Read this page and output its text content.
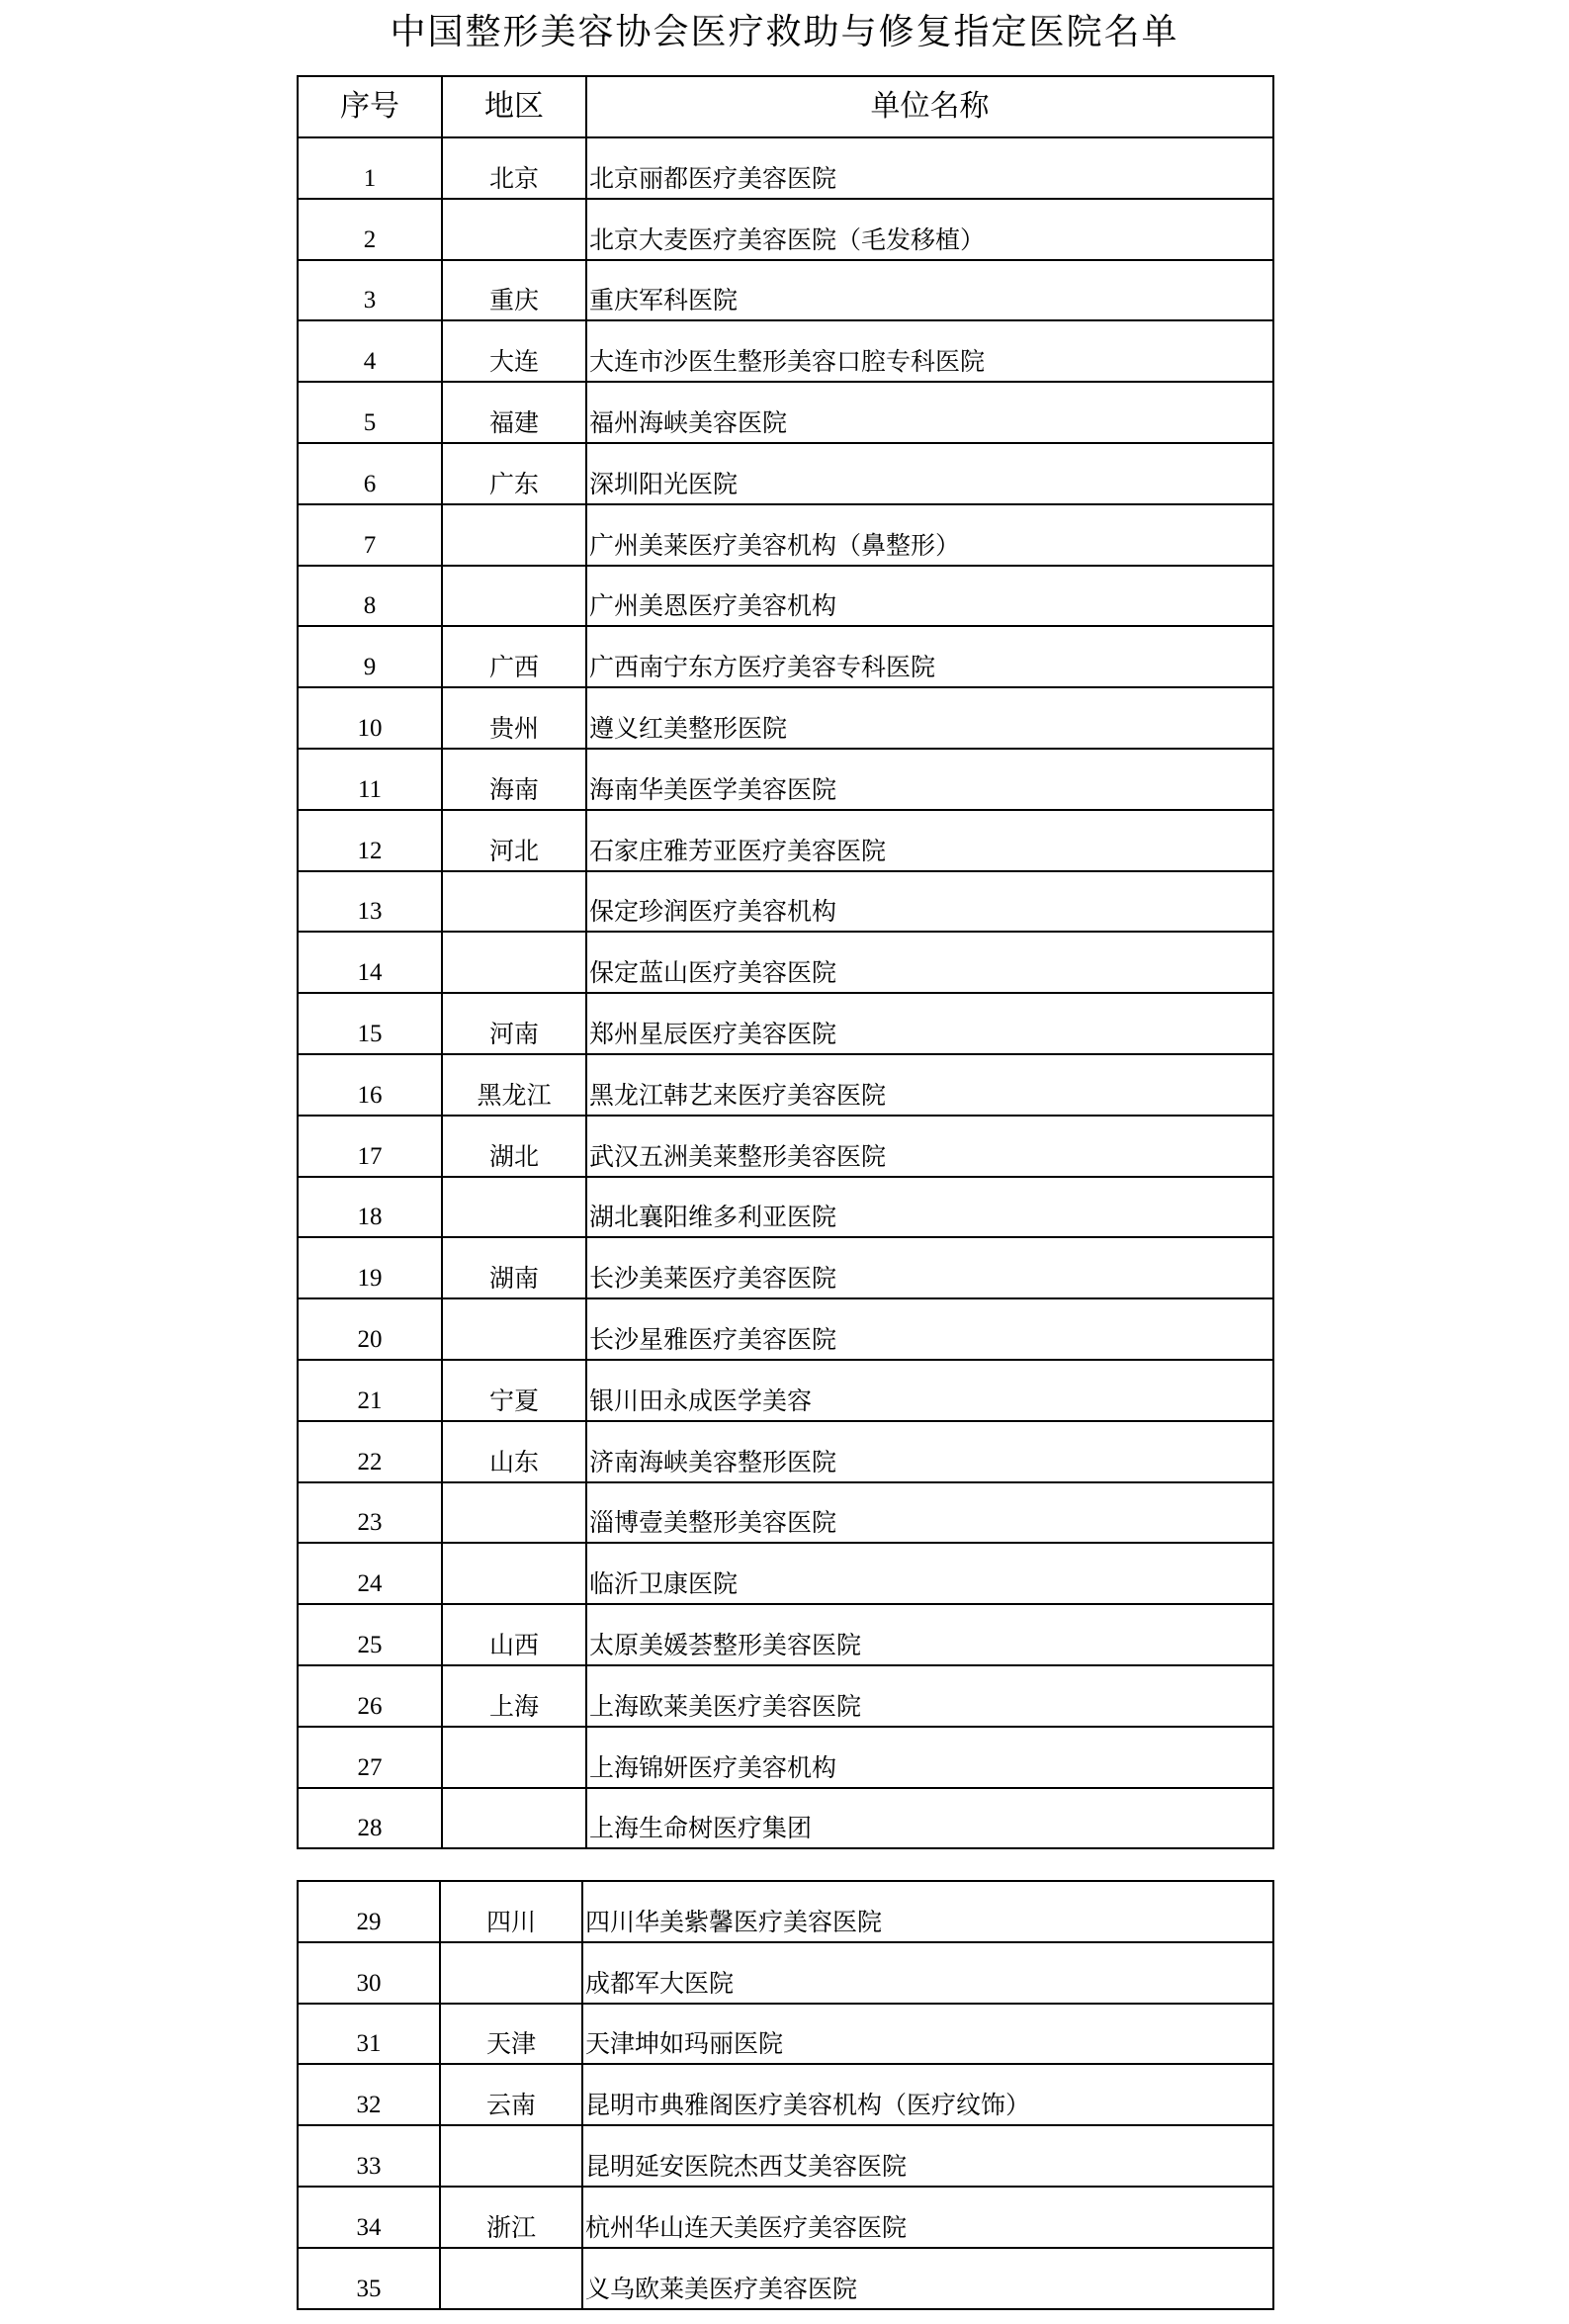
中国整形美容协会医疗救助与修复指定医院名单
序号	地区	单位名称
1	北京	北京丽都医疗美容医院
2		北京大麦医疗美容医院（毛发移植）
3	重庆	重庆军科医院
4	大连	大连市沙医生整形美容口腔专科医院
5	福建	福州海峡美容医院
6	广东	深圳阳光医院
7		广州美莱医疗美容机构（鼻整形）
8		广州美恩医疗美容机构
9	广西	广西南宁东方医疗美容专科医院
10	贵州	遵义红美整形医院
11	海南	海南华美医学美容医院
12	河北	石家庄雅芳亚医疗美容医院
13		保定珍润医疗美容机构
14		保定蓝山医疗美容医院
15	河南	郑州星辰医疗美容医院
16	黑龙江	黑龙江韩艺来医疗美容医院
17	湖北	武汉五洲美莱整形美容医院
18		湖北襄阳维多利亚医院
19	湖南	长沙美莱医疗美容医院
20		长沙星雅医疗美容医院
21	宁夏	银川田永成医学美容
22	山东	济南海峡美容整形医院
23		淄博壹美整形美容医院
24		临沂卫康医院
25	山西	太原美媛荟整形美容医院
26	上海	上海欧莱美医疗美容医院
27		上海锦妍医疗美容机构
28		上海生命树医疗集团
29	四川	四川华美紫馨医疗美容医院
30		成都军大医院
31	天津	天津坤如玛丽医院
32	云南	昆明市典雅阁医疗美容机构（医疗纹饰）
33		昆明延安医院杰西艾美容医院
34	浙江	杭州华山连天美医疗美容医院
35		义乌欧莱美医疗美容医院
